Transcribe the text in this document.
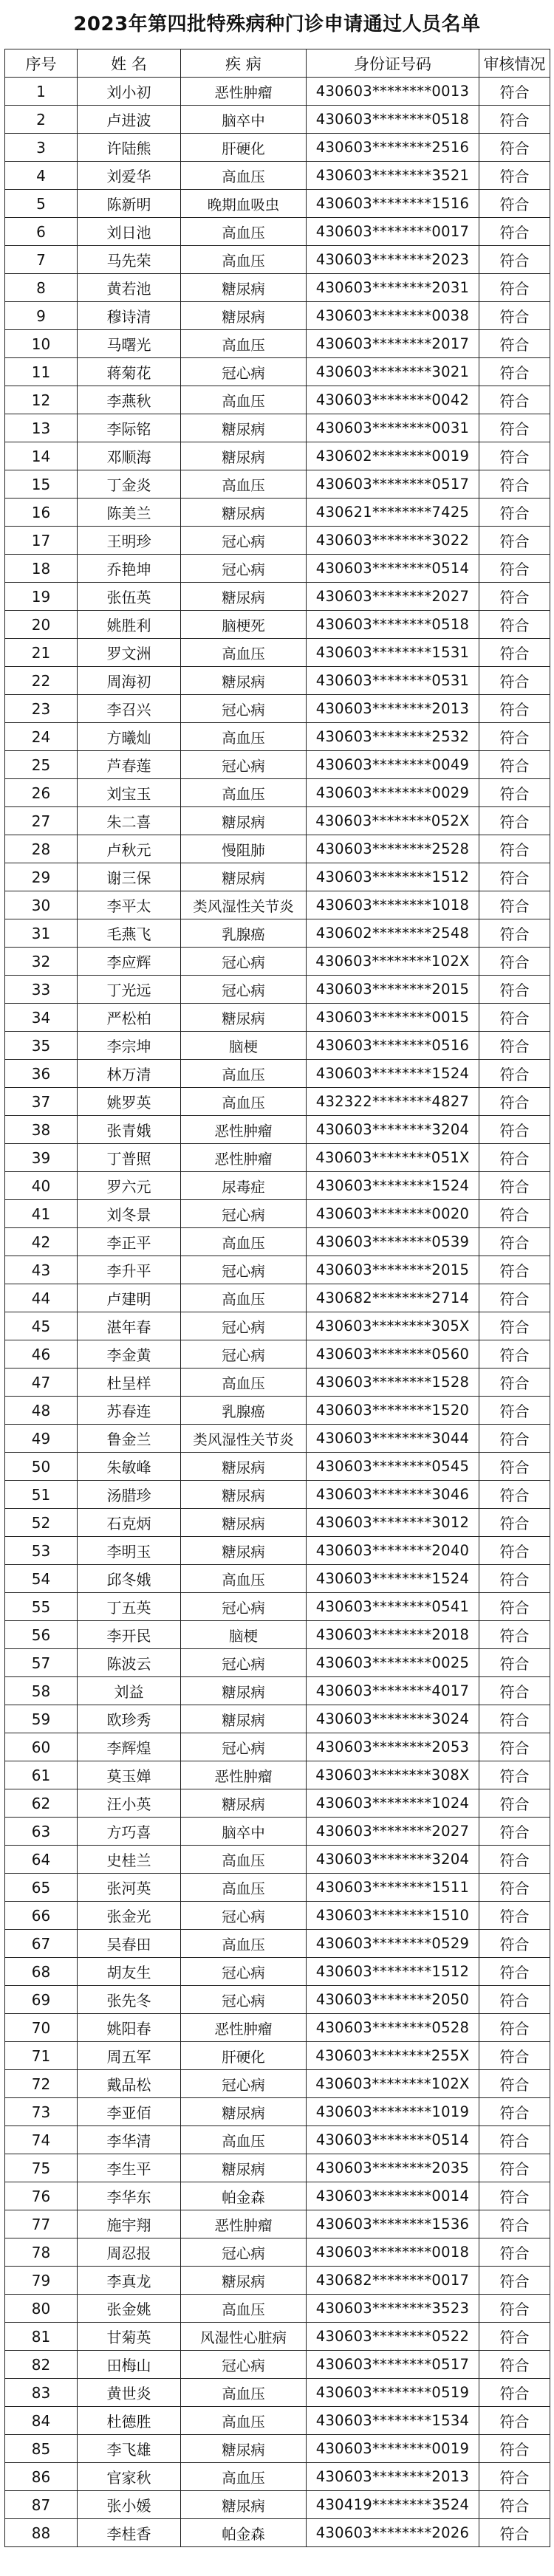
2023年第四批特殊病种门诊申请通过人员名单
序号	姓 名	疾 病	身份证号码	审核情况
1	刘小初	恶性肿瘤	430603********0013	符合
2	卢进波	脑卒中	430603********0518	符合
3	许陆熊	肝硬化	430603********2516	符合
4	刘爱华	高血压	430603********3521	符合
5	陈新明	晚期血吸虫	430603********1516	符合
6	刘日池	高血压	430603********0017	符合
7	马先荣	高血压	430603********2023	符合
8	黄若池	糖尿病	430603********2031	符合
9	穆诗清	糖尿病	430603********0038	符合
10	马曙光	高血压	430603********2017	符合
11	蒋菊花	冠心病	430603********3021	符合
12	李燕秋	高血压	430603********0042	符合
13	李际铭	糖尿病	430603********0031	符合
14	邓顺海	糖尿病	430602********0019	符合
15	丁金炎	高血压	430603********0517	符合
16	陈美兰	糖尿病	430621********7425	符合
17	王明珍	冠心病	430603********3022	符合
18	乔艳坤	冠心病	430603********0514	符合
19	张伍英	糖尿病	430603********2027	符合
20	姚胜利	脑梗死	430603********0518	符合
21	罗文洲	高血压	430603********1531	符合
22	周海初	糖尿病	430603********0531	符合
23	李召兴	冠心病	430603********2013	符合
24	方曦灿	高血压	430603********2532	符合
25	芦春莲	冠心病	430603********0049	符合
26	刘宝玉	高血压	430603********0029	符合
27	朱二喜	糖尿病	430603********052X	符合
28	卢秋元	慢阻肺	430603********2528	符合
29	谢三保	糖尿病	430603********1512	符合
30	李平太	类风湿性关节炎	430603********1018	符合
31	毛燕飞	乳腺癌	430602********2548	符合
32	李应辉	冠心病	430603********102X	符合
33	丁光远	冠心病	430603********2015	符合
34	严松柏	糖尿病	430603********0015	符合
35	李宗坤	脑梗	430603********0516	符合
36	林万清	高血压	430603********1524	符合
37	姚罗英	高血压	432322********4827	符合
38	张青娥	恶性肿瘤	430603********3204	符合
39	丁普照	恶性肿瘤	430603********051X	符合
40	罗六元	尿毒症	430603********1524	符合
41	刘冬景	冠心病	430603********0020	符合
42	李正平	高血压	430603********0539	符合
43	李升平	冠心病	430603********2015	符合
44	卢建明	高血压	430682********2714	符合
45	湛年春	冠心病	430603********305X	符合
46	李金黄	冠心病	430603********0560	符合
47	杜呈样	高血压	430603********1528	符合
48	苏春连	乳腺癌	430603********1520	符合
49	鲁金兰	类风湿性关节炎	430603********3044	符合
50	朱敏峰	糖尿病	430603********0545	符合
51	汤腊珍	糖尿病	430603********3046	符合
52	石克炳	糖尿病	430603********3012	符合
53	李明玉	糖尿病	430603********2040	符合
54	邱冬娥	高血压	430603********1524	符合
55	丁五英	冠心病	430603********0541	符合
56	李开民	脑梗	430603********2018	符合
57	陈波云	冠心病	430603********0025	符合
58	刘益	糖尿病	430603********4017	符合
59	欧珍秀	糖尿病	430603********3024	符合
60	李辉煌	冠心病	430603********2053	符合
61	莫玉婵	恶性肿瘤	430603********308X	符合
62	汪小英	糖尿病	430603********1024	符合
63	方巧喜	脑卒中	430603********2027	符合
64	史桂兰	高血压	430603********3204	符合
65	张河英	高血压	430603********1511	符合
66	张金光	冠心病	430603********1510	符合
67	吴春田	高血压	430603********0529	符合
68	胡友生	冠心病	430603********1512	符合
69	张先冬	冠心病	430603********2050	符合
70	姚阳春	恶性肿瘤	430603********0528	符合
71	周五军	肝硬化	430603********255X	符合
72	戴品松	冠心病	430603********102X	符合
73	李亚佰	糖尿病	430603********1019	符合
74	李华清	高血压	430603********0514	符合
75	李生平	糖尿病	430603********2035	符合
76	李华东	帕金森	430603********0014	符合
77	施宇翔	恶性肿瘤	430603********1536	符合
78	周忍报	冠心病	430603********0018	符合
79	李真龙	糖尿病	430682********0017	符合
80	张金姚	高血压	430603********3523	符合
81	甘菊英	风湿性心脏病	430603********0522	符合
82	田梅山	冠心病	430603********0517	符合
83	黄世炎	高血压	430603********0519	符合
84	杜德胜	高血压	430603********1534	符合
85	李飞雄	糖尿病	430603********0019	符合
86	官家秋	高血压	430603********2013	符合
87	张小媛	糖尿病	430419********3524	符合
88	李桂香	帕金森	430603********2026	符合
